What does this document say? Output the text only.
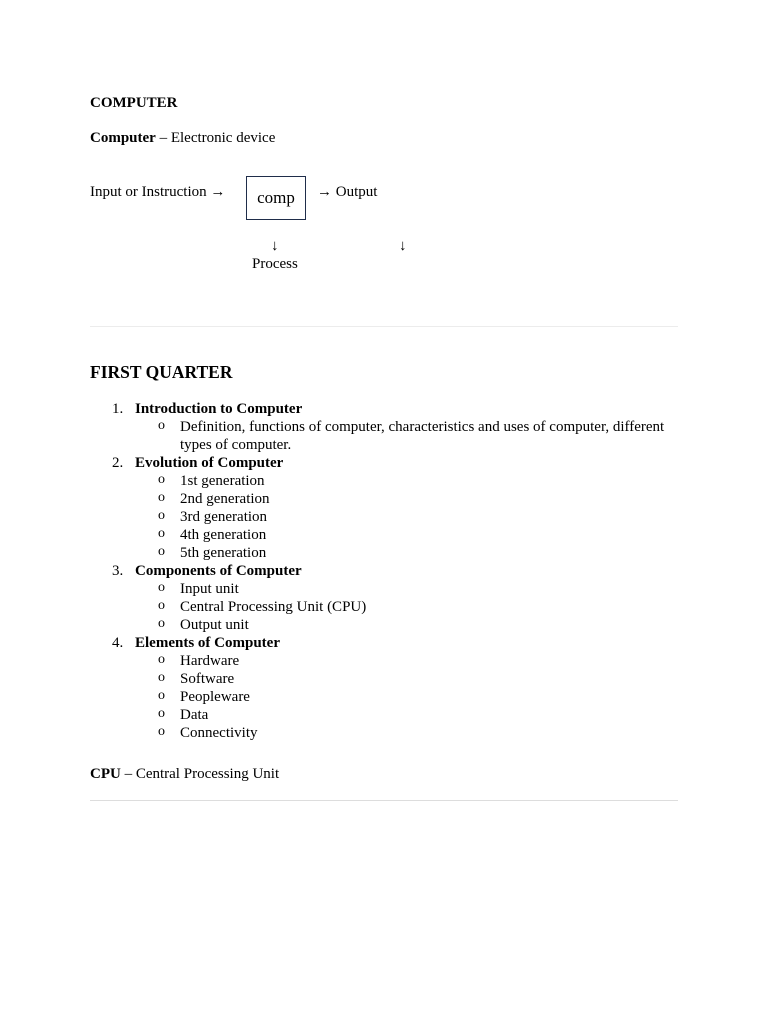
COMPUTER
Computer – Electronic device
Input or Instruction → comp → Output
↓	↓
Process
FIRST QUARTER
1. Introduction to Computer
o Definition, functions of computer, characteristics and uses of computer, different types of computer.
2. Evolution of Computer
o 1st generation
o 2nd generation
o 3rd generation
o 4th generation
o 5th generation
3. Components of Computer
o Input unit
o Central Processing Unit (CPU)
o Output unit
4. Elements of Computer
o Hardware
o Software
o Peopleware
o Data
o Connectivity
CPU – Central Processing Unit
